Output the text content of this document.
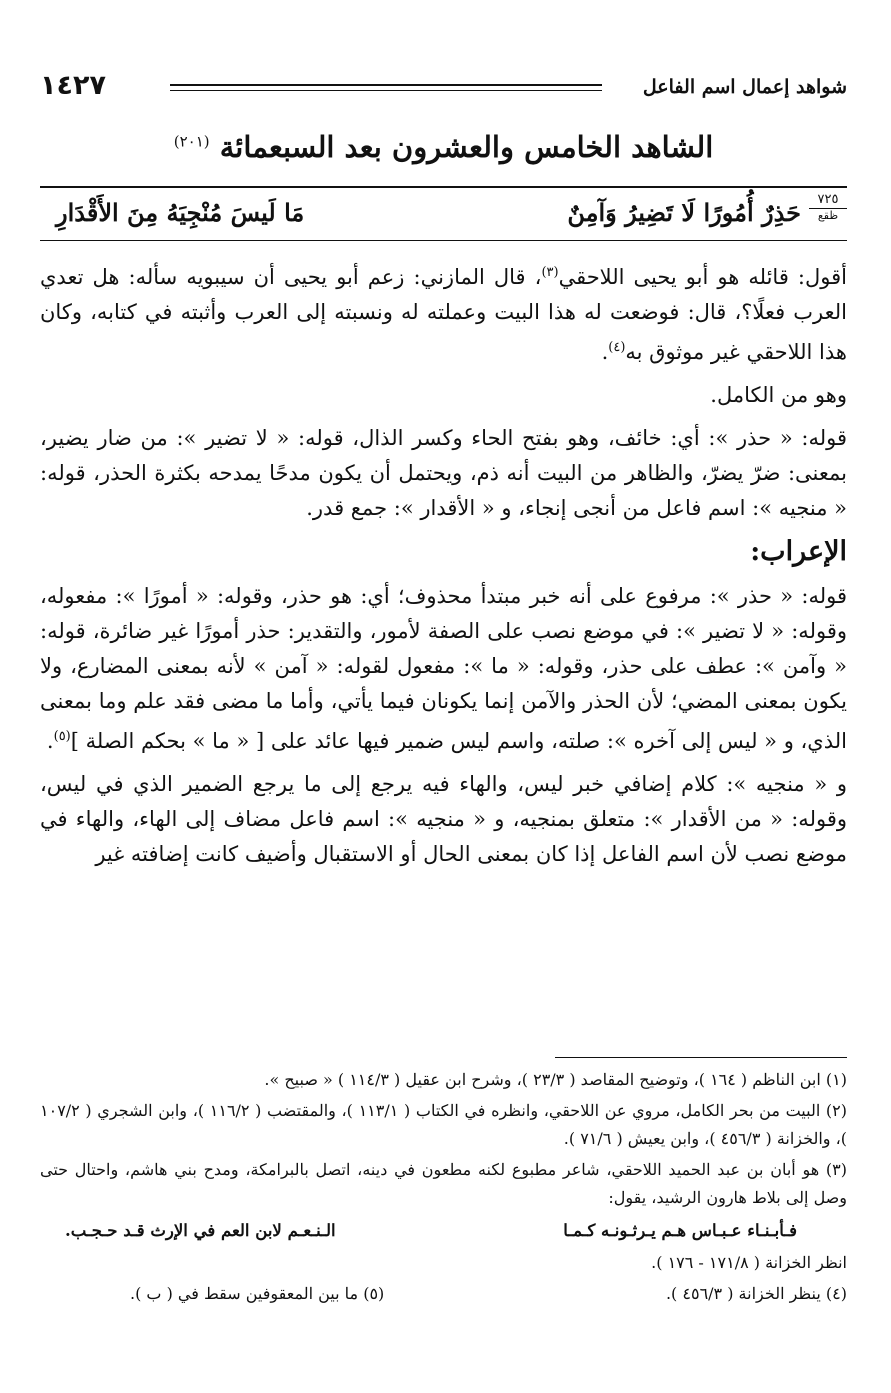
شواهد إعمال اسم الفاعل
١٤٢٧
الشاهد الخامس والعشرون بعد السبعمائة $^{(٢٠١)}$
٧٢٥
ظقع
حَذِرٌ أُمُورًا لَا تَضِيرُ وَآمِنٌ
مَا لَيسَ مُنْجِيَهُ مِنَ الأَقْدَارِ

أقول: قائله هو أبو يحيى اللاحقي$^{(٣)}$، قال المازني: زعم أبو يحيى أن سيبويه سأله: هل تعدي العرب فعلًا؟، قال: فوضعت له هذا البيت وعملته له ونسبته إلى العرب وأثبته في كتابه، وكان هذا اللاحقي غير موثوق به$^{(٤)}$.

وهو من الكامل.

قوله: « حذر »: أي: خائف، وهو بفتح الحاء وكسر الذال، قوله: « لا تضير »: من ضار يضير، بمعنى: ضرّ يضرّ، والظاهر من البيت أنه ذم، ويحتمل أن يكون مدحًا يمدحه بكثرة الحذر، قوله: « منجيه »: اسم فاعل من أنجى إنجاء، و « الأقدار »: جمع قدر.

الإعراب:

قوله: « حذر »: مرفوع على أنه خبر مبتدأ محذوف؛ أي: هو حذر، وقوله: « أمورًا »: مفعوله، وقوله: « لا تضير »: في موضع نصب على الصفة لأمور، والتقدير: حذر أمورًا غير ضائرة، قوله: « وآمن »: عطف على حذر، وقوله: « ما »: مفعول لقوله: « آمن » لأنه بمعنى المضارع، ولا يكون بمعنى المضي؛ لأن الحذر والآمن إنما يكونان فيما يأتي، وأما ما مضى فقد علم وما بمعنى الذي، و « ليس إلى آخره »: صلته، واسم ليس ضمير فيها عائد على [ « ما » بحكم الصلة ]$^{(٥)}$.

و « منجيه »: كلام إضافي خبر ليس، والهاء فيه يرجع إلى ما يرجع الضمير الذي في ليس، وقوله: « من الأقدار »: متعلق بمنجيه، و « منجيه »: اسم فاعل مضاف إلى الهاء، والهاء في موضع نصب لأن اسم الفاعل إذا كان بمعنى الحال أو الاستقبال وأضيف كانت إضافته غير

(١) ابن الناظم ( ١٦٤ )، وتوضيح المقاصد ( ٢٣/٣ )، وشرح ابن عقيل ( ١١٤/٣ ) « صبيح ».

(٢) البيت من بحر الكامل، مروي عن اللاحقي، وانظره في الكتاب ( ١١٣/١ )، والمقتضب ( ١١٦/٢ )، وابن الشجري ( ١٠٧/٢ )، والخزانة ( ٤٥٦/٣ )، وابن يعيش ( ٧١/٦ ).

(٣) هو أبان بن عبد الحميد اللاحقي، شاعر مطبوع لكنه مطعون في دينه، اتصل بالبرامكة، ومدح بني هاشم، واحتال حتى وصل إلى بلاط هارون الرشيد، يقول:

فـأبـنـاء عـبـاس هـم يـرثـونـه كـمـا
الـنـعـم لابن العم في الإرث قـد حـجـب.

انظر الخزانة ( ١٧١/٨ - ١٧٦ ).

(٤) ينظر الخزانة ( ٤٥٦/٣ ).
(٥) ما بين المعقوفين سقط في ( ب ).
